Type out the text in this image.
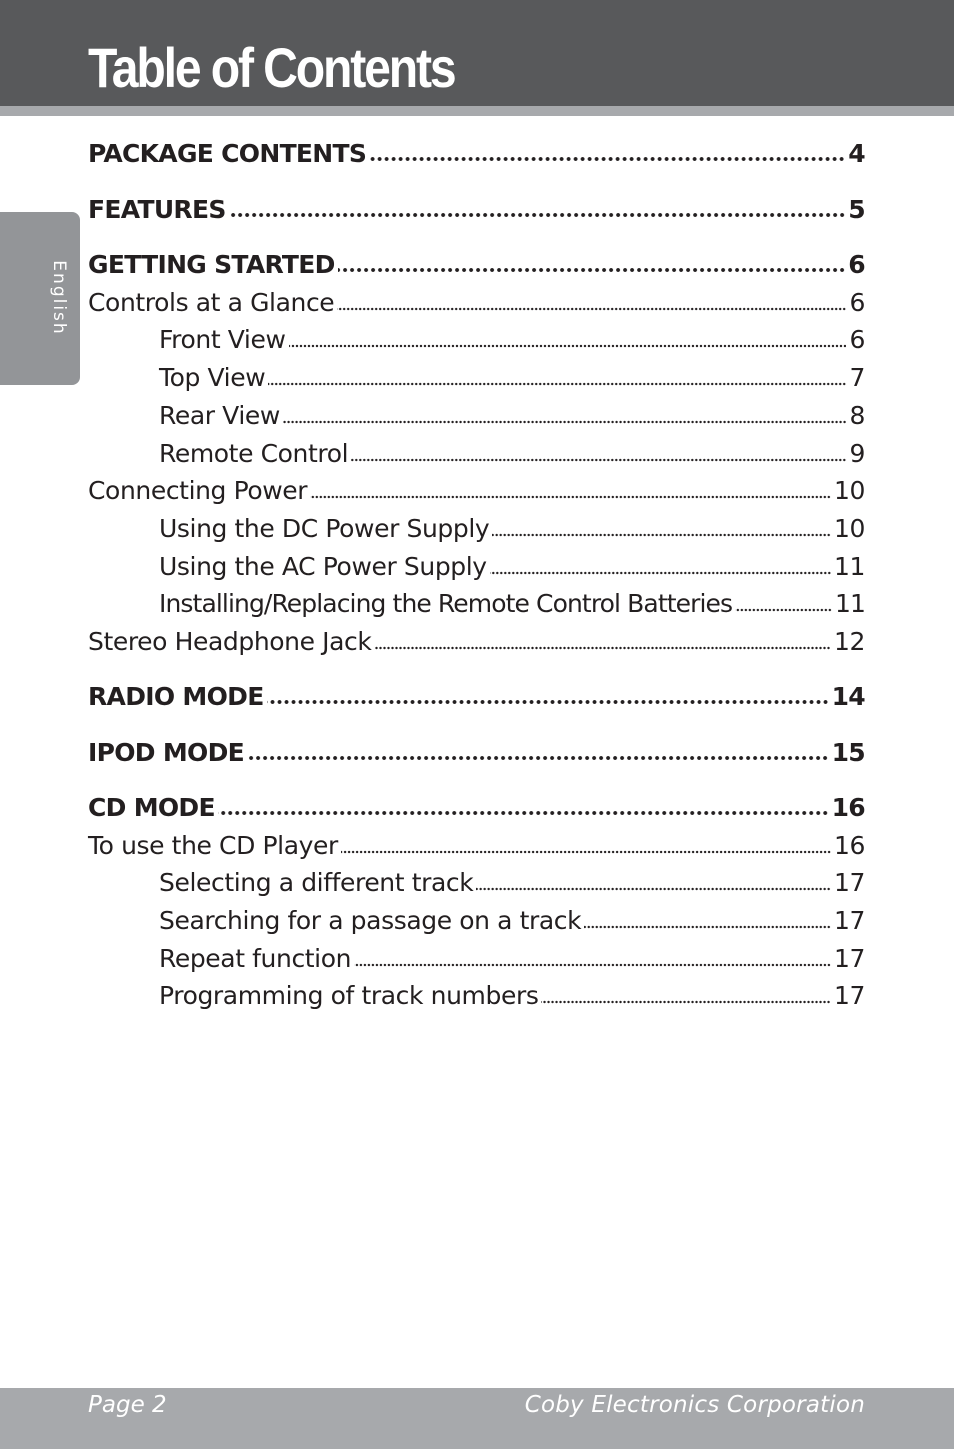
Table of Contents
English
PACKAGE CONTENTS	4
FEATURES	5
GETTING STARTED	6
Controls at a Glance	6
Front View	6
Top View	7
Rear View	8
Remote Control	9
Connecting Power	10
Using the DC Power Supply	10
Using the AC Power Supply	11
Installing/Replacing the Remote Control Batteries	11
Stereo Headphone Jack	12
RADIO MODE	14
IPOD MODE	15
CD MODE	16
To use the CD Player	16
Selecting a different track	17
Searching for a passage on a track	17
Repeat function	17
Programming of track numbers	17
Page 2	Coby Electronics Corporation
